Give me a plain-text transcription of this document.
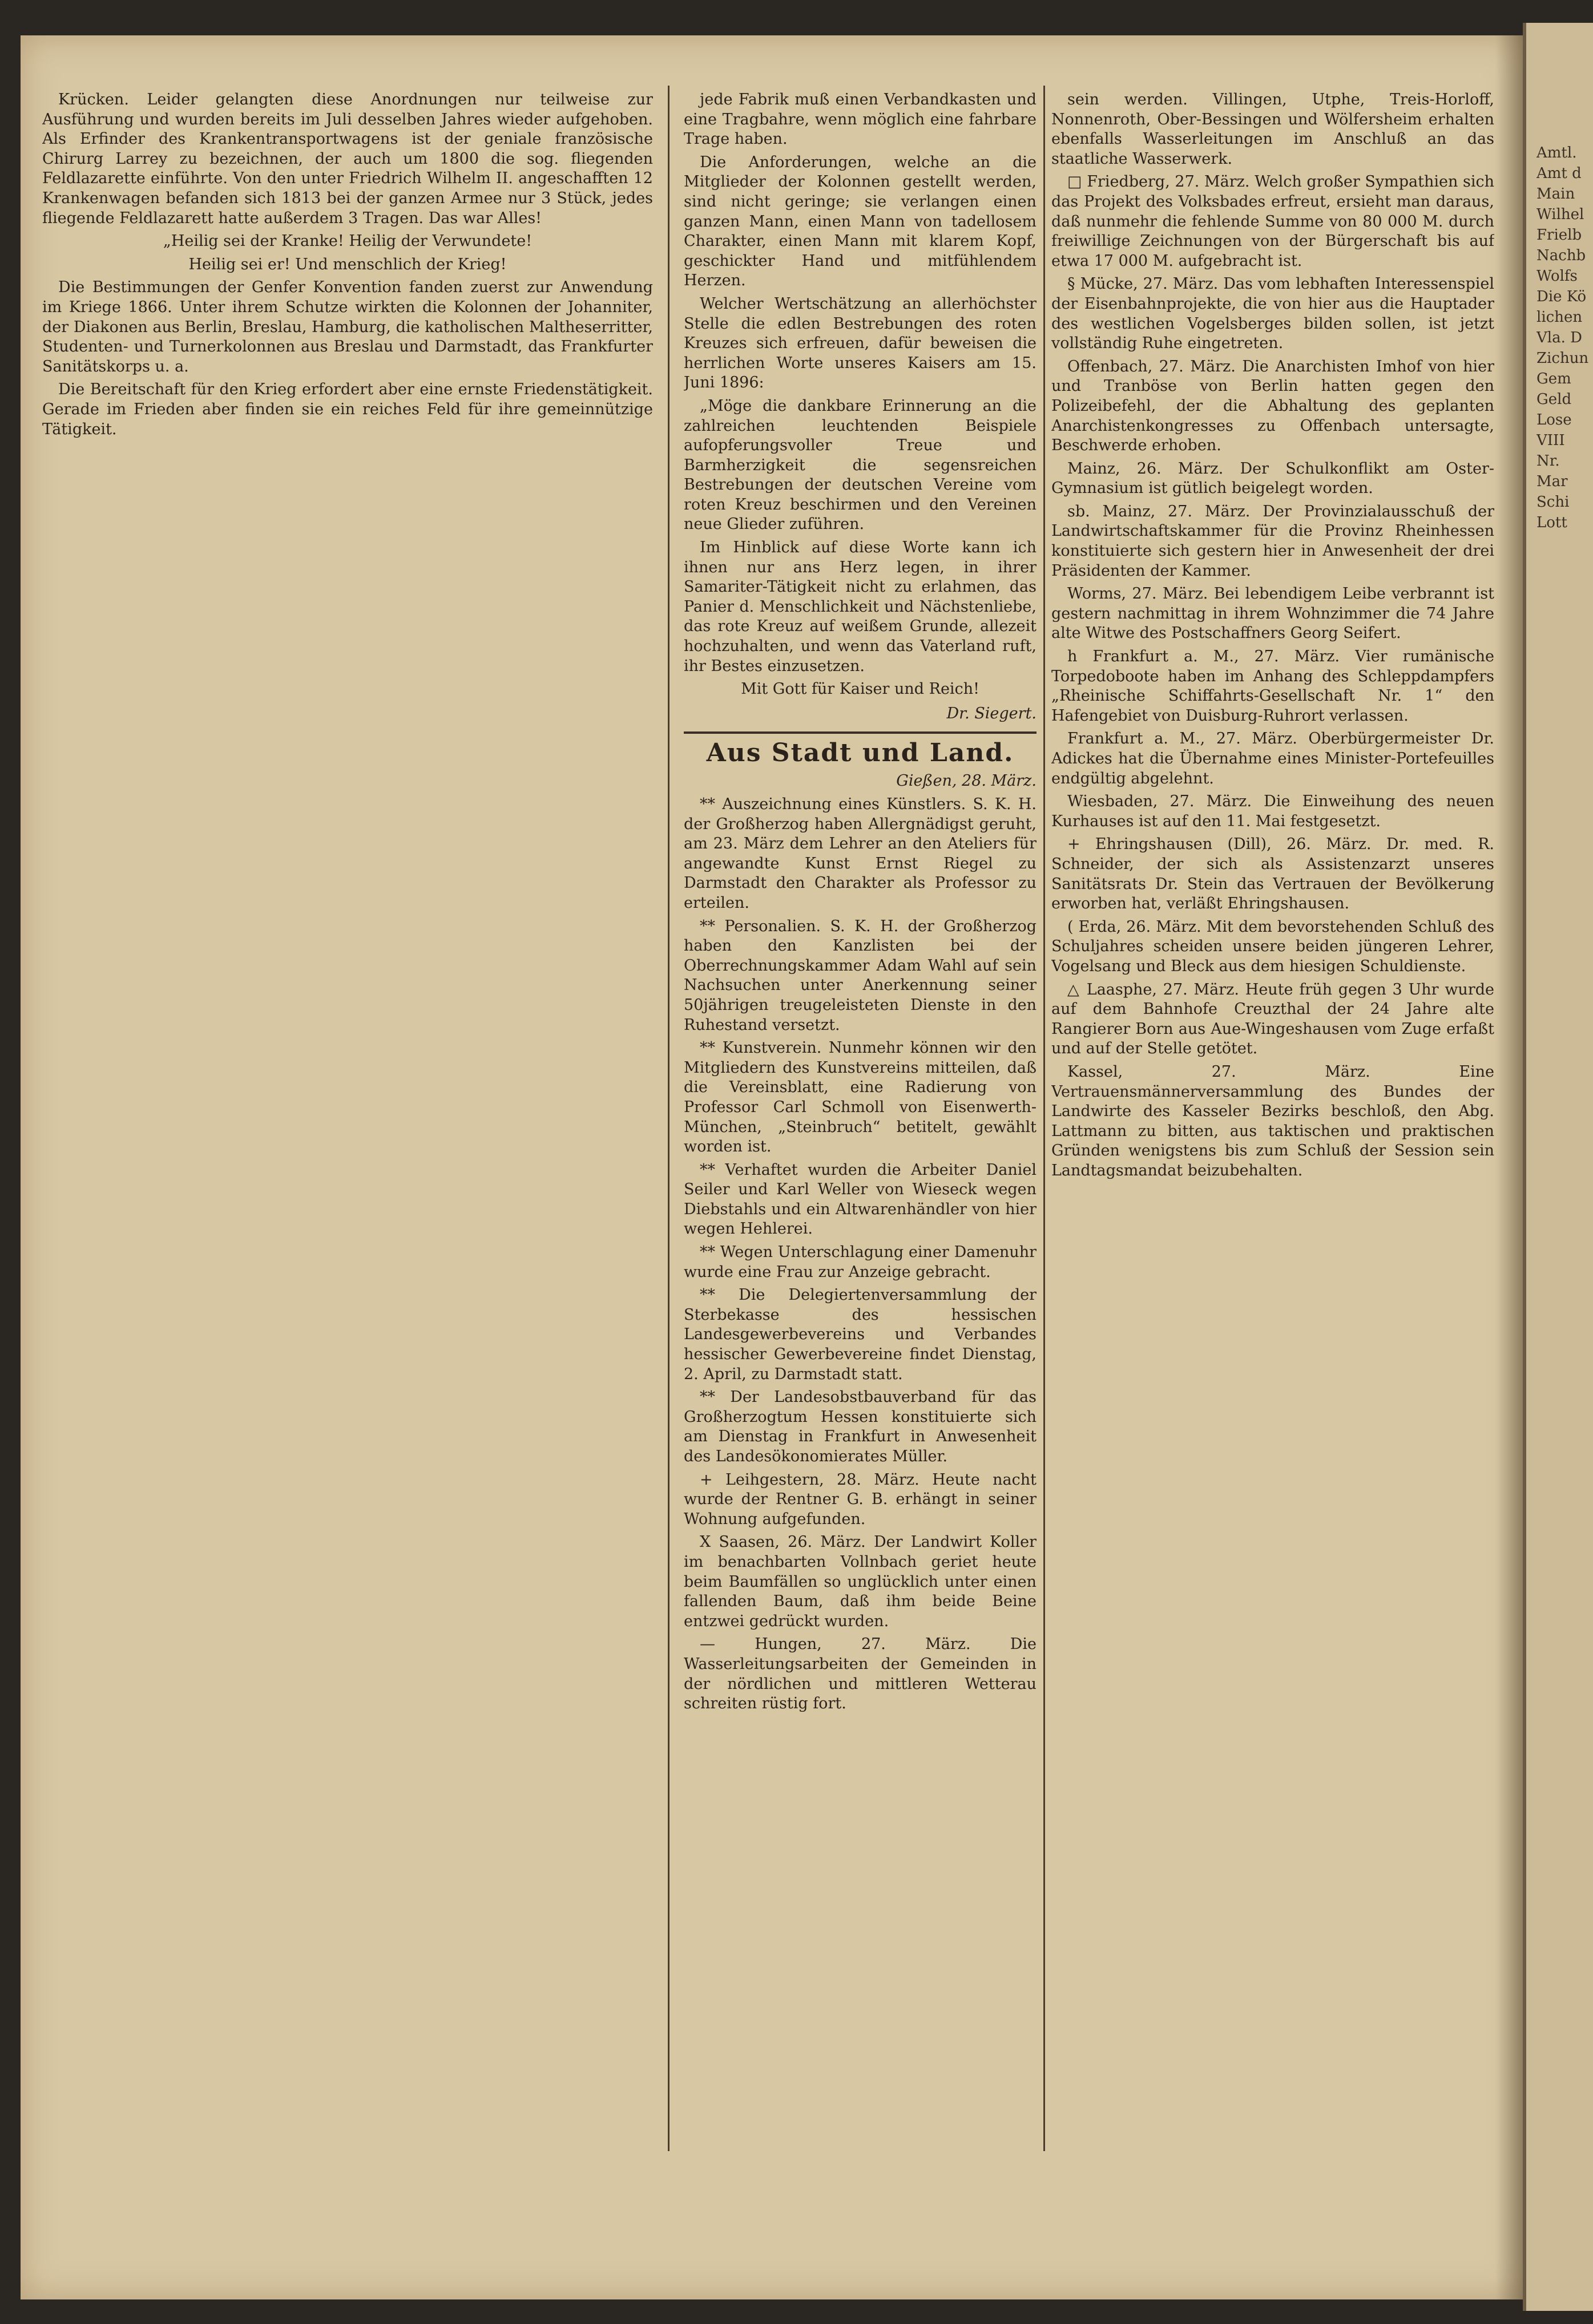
Amtl.
Amt d
Main
Wilhel
Frielb
Nachb
Wolfs
Die Kö
lichen
Vla. D
Zichun
Gem
Geld
Lose
VIII
Nr.
Mar
Schi
Lott

Krücken. Leider gelangten diese Anordnungen nur teilweise zur Ausführung und wurden bereits im Juli desselben Jahres wieder aufgehoben. Als Erfinder des Krankentransportwagens ist der geniale französische Chirurg Larrey zu bezeichnen, der auch um 1800 die sog. fliegenden Feldlazarette einführte. Von den unter Friedrich Wilhelm II. angeschafften 12 Krankenwagen befanden sich 1813 bei der ganzen Armee nur 3 Stück, jedes fliegende Feldlazarett hatte außerdem 3 Tragen. Das war Alles!

„Heilig sei der Kranke! Heilig der Verwundete!

Heilig sei er! Und menschlich der Krieg!

Die Bestimmungen der Genfer Konvention fanden zuerst zur Anwendung im Kriege 1866. Unter ihrem Schutze wirkten die Kolonnen der Johanniter, der Diakonen aus Berlin, Breslau, Hamburg, die katholischen Maltheserritter, Studenten- und Turnerkolonnen aus Breslau und Darmstadt, das Frankfurter Sanitätskorps u. a.

Die Bereitschaft für den Krieg erfordert aber eine ernste Friedenstätigkeit. Gerade im Frieden aber finden sie ein reiches Feld für ihre gemeinnützige Tätigkeit.

jede Fabrik muß einen Verbandkasten und eine Tragbahre, wenn möglich eine fahrbare Trage haben.

Die Anforderungen, welche an die Mitglieder der Kolonnen gestellt werden, sind nicht geringe; sie verlangen einen ganzen Mann, einen Mann von tadellosem Charakter, einen Mann mit klarem Kopf, geschickter Hand und mitfühlendem Herzen.

Welcher Wertschätzung an allerhöchster Stelle die edlen Bestrebungen des roten Kreuzes sich erfreuen, dafür beweisen die herrlichen Worte unseres Kaisers am 15. Juni 1896:

„Möge die dankbare Erinnerung an die zahlreichen leuchtenden Beispiele aufopferungsvoller Treue und Barmherzigkeit die segensreichen Bestrebungen der deutschen Vereine vom roten Kreuz beschirmen und den Vereinen neue Glieder zuführen.

Im Hinblick auf diese Worte kann ich ihnen nur ans Herz legen, in ihrer Samariter-Tätigkeit nicht zu erlahmen, das Panier d. Menschlichkeit und Nächstenliebe, das rote Kreuz auf weißem Grunde, allezeit hochzuhalten, und wenn das Vaterland ruft, ihr Bestes einzusetzen.

Mit Gott für Kaiser und Reich!

Dr. Siegert.
Aus Stadt und Land.
Gießen, 28. März.

** Auszeichnung eines Künstlers. S. K. H. der Großherzog haben Allergnädigst geruht, am 23. März dem Lehrer an den Ateliers für angewandte Kunst Ernst Riegel zu Darmstadt den Charakter als Professor zu erteilen.

** Personalien. S. K. H. der Großherzog haben den Kanzlisten bei der Oberrechnungskammer Adam Wahl auf sein Nachsuchen unter Anerkennung seiner 50jährigen treugeleisteten Dienste in den Ruhestand versetzt.

** Kunstverein. Nunmehr können wir den Mitgliedern des Kunstvereins mitteilen, daß die Vereinsblatt, eine Radierung von Professor Carl Schmoll von Eisenwerth-München, „Steinbruch“ betitelt, gewählt worden ist.

** Verhaftet wurden die Arbeiter Daniel Seiler und Karl Weller von Wieseck wegen Diebstahls und ein Altwarenhändler von hier wegen Hehlerei.

** Wegen Unterschlagung einer Damenuhr wurde eine Frau zur Anzeige gebracht.

** Die Delegiertenversammlung der Sterbekasse des hessischen Landesgewerbevereins und Verbandes hessischer Gewerbevereine findet Dienstag, 2. April, zu Darmstadt statt.

** Der Landesobstbauverband für das Großherzogtum Hessen konstituierte sich am Dienstag in Frankfurt in Anwesenheit des Landesökonomierates Müller.

+ Leihgestern, 28. März. Heute nacht wurde der Rentner G. B. erhängt in seiner Wohnung aufgefunden.

X Saasen, 26. März. Der Landwirt Koller im benachbarten Vollnbach geriet heute beim Baumfällen so unglücklich unter einen fallenden Baum, daß ihm beide Beine entzwei gedrückt wurden.

— Hungen, 27. März. Die Wasserleitungsarbeiten der Gemeinden in der nördlichen und mittleren Wetterau schreiten rüstig fort.

sein werden. Villingen, Utphe, Treis-Horloff, Nonnenroth, Ober-Bessingen und Wölfersheim erhalten ebenfalls Wasserleitungen im Anschluß an das staatliche Wasserwerk.

□ Friedberg, 27. März. Welch großer Sympathien sich das Projekt des Volksbades erfreut, ersieht man daraus, daß nunmehr die fehlende Summe von 80 000 M. durch freiwillige Zeichnungen von der Bürgerschaft bis auf etwa 17 000 M. aufgebracht ist.

§ Mücke, 27. März. Das vom lebhaften Interessenspiel der Eisenbahnprojekte, die von hier aus die Hauptader des westlichen Vogelsberges bilden sollen, ist jetzt vollständig Ruhe eingetreten.

Offenbach, 27. März. Die Anarchisten Imhof von hier und Tranböse von Berlin hatten gegen den Polizeibefehl, der die Abhaltung des geplanten Anarchistenkongresses zu Offenbach untersagte, Beschwerde erhoben.

Mainz, 26. März. Der Schulkonflikt am Oster-Gymnasium ist gütlich beigelegt worden.

sb. Mainz, 27. März. Der Provinzialausschuß der Landwirtschaftskammer für die Provinz Rheinhessen konstituierte sich gestern hier in Anwesenheit der drei Präsidenten der Kammer.

Worms, 27. März. Bei lebendigem Leibe verbrannt ist gestern nachmittag in ihrem Wohnzimmer die 74 Jahre alte Witwe des Postschaffners Georg Seifert.

h Frankfurt a. M., 27. März. Vier rumänische Torpedoboote haben im Anhang des Schleppdampfers „Rheinische Schiffahrts-Gesellschaft Nr. 1“ den Hafengebiet von Duisburg-Ruhrort verlassen.

Frankfurt a. M., 27. März. Oberbürgermeister Dr. Adickes hat die Übernahme eines Minister-Portefeuilles endgültig abgelehnt.

Wiesbaden, 27. März. Die Einweihung des neuen Kurhauses ist auf den 11. Mai festgesetzt.

+ Ehringshausen (Dill), 26. März. Dr. med. R. Schneider, der sich als Assistenzarzt unseres Sanitätsrats Dr. Stein das Vertrauen der Bevölkerung erworben hat, verläßt Ehringshausen.

( Erda, 26. März. Mit dem bevorstehenden Schluß des Schuljahres scheiden unsere beiden jüngeren Lehrer, Vogelsang und Bleck aus dem hiesigen Schuldienste.

△ Laasphe, 27. März. Heute früh gegen 3 Uhr wurde auf dem Bahnhofe Creuzthal der 24 Jahre alte Rangierer Born aus Aue-Wingeshausen vom Zuge erfaßt und auf der Stelle getötet.

Kassel, 27. März. Eine Vertrauensmännerversammlung des Bundes der Landwirte des Kasseler Bezirks beschloß, den Abg. Lattmann zu bitten, aus taktischen und praktischen Gründen wenigstens bis zum Schluß der Session sein Landtagsmandat beizubehalten.
